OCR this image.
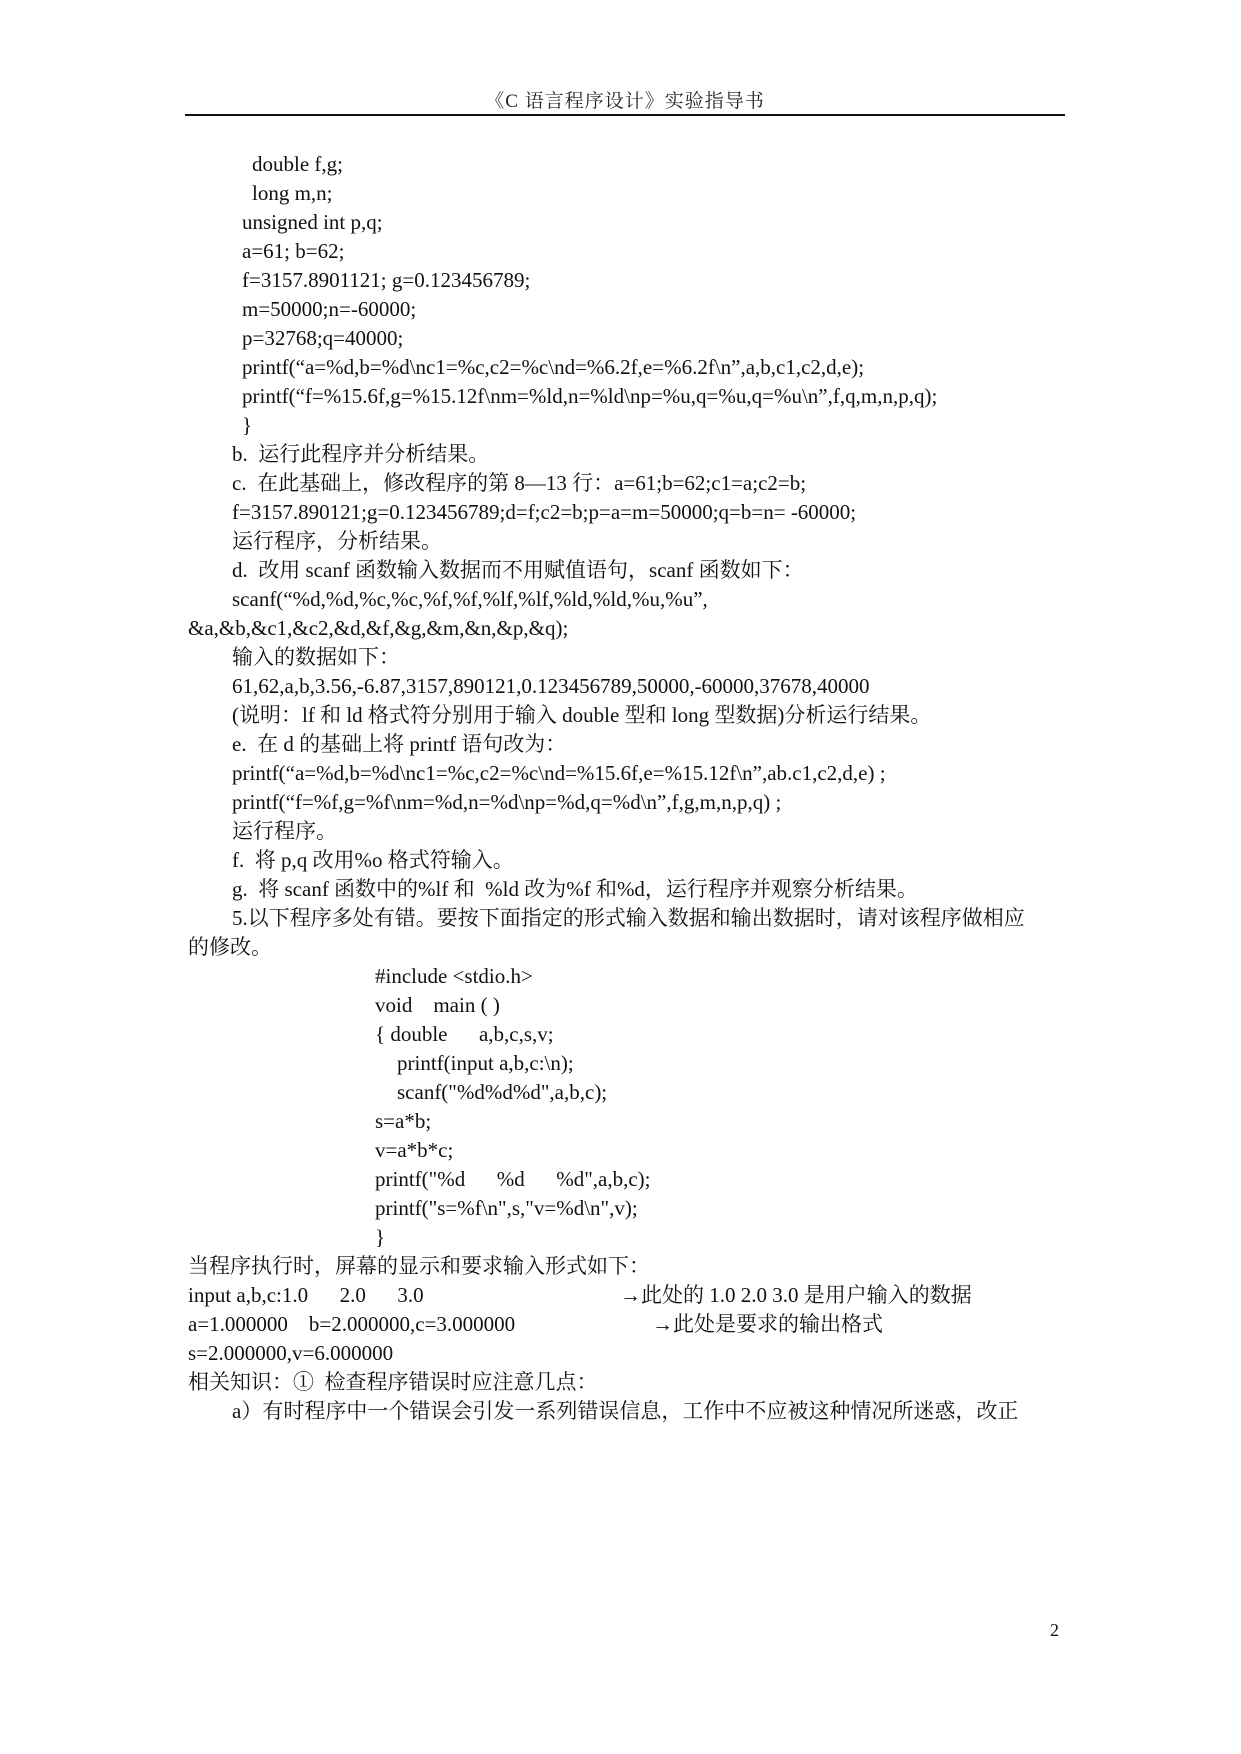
《C 语言程序设计》实验指导书
double f,g;
long m,n;
unsigned int p,q;
a=61; b=62;
f=3157.8901121; g=0.123456789;
m=50000;n=-60000;
p=32768;q=40000;
printf(“a=%d,b=%d\nc1=%c,c2=%c\nd=%6.2f,e=%6.2f\n”,a,b,c1,c2,d,e);
printf(“f=%15.6f,g=%15.12f\nm=%ld,n=%ld\np=%u,q=%u,q=%u\n”,f,q,m,n,p,q);
}
b.  运行此程序并分析结果。
c.  在此基础上，修改程序的第 8—13 行：a=61;b=62;c1=a;c2=b;
f=3157.890121;g=0.123456789;d=f;c2=b;p=a=m=50000;q=b=n= -60000;
运行程序，分析结果。
d.  改用 scanf 函数输入数据而不用赋值语句，scanf 函数如下：
scanf(“%d,%d,%c,%c,%f,%f,%lf,%lf,%ld,%ld,%u,%u”,
&a,&b,&c1,&c2,&d,&f,&g,&m,&n,&p,&q);
输入的数据如下：
61,62,a,b,3.56,-6.87,3157,890121,0.123456789,50000,-60000,37678,40000
(说明：lf 和 ld 格式符分别用于输入 double 型和 long 型数据)分析运行结果。
e.  在 d 的基础上将 printf 语句改为：
printf(“a=%d,b=%d\nc1=%c,c2=%c\nd=%15.6f,e=%15.12f\n”,ab.c1,c2,d,e) ;
printf(“f=%f,g=%f\nm=%d,n=%d\np=%d,q=%d\n”,f,g,m,n,p,q) ;
运行程序。
f.  将 p,q 改用%o 格式符输入。
g.  将 scanf 函数中的%lf 和  %ld 改为%f 和%d，运行程序并观察分析结果。
5.以下程序多处有错。要按下面指定的形式输入数据和输出数据时，请对该程序做相应
的修改。
#include <stdio.h>
void    main ( )
{ double      a,b,c,s,v;
printf(input a,b,c:\n);
scanf("%d%d%d",a,b,c);
s=a*b;
v=a*b*c;
printf("%d      %d      %d",a,b,c);
printf("s=%f\n",s,"v=%d\n",v);
}
当程序执行时，屏幕的显示和要求输入形式如下：
input a,b,c:1.0      2.0      3.0	→此处的 1.0 2.0 3.0 是用户输入的数据
a=1.000000    b=2.000000,c=3.000000	→此处是要求的输出格式
s=2.000000,v=6.000000
相关知识：①  检查程序错误时应注意几点：
a）有时程序中一个错误会引发一系列错误信息，工作中不应被这种情况所迷惑，改正
2
